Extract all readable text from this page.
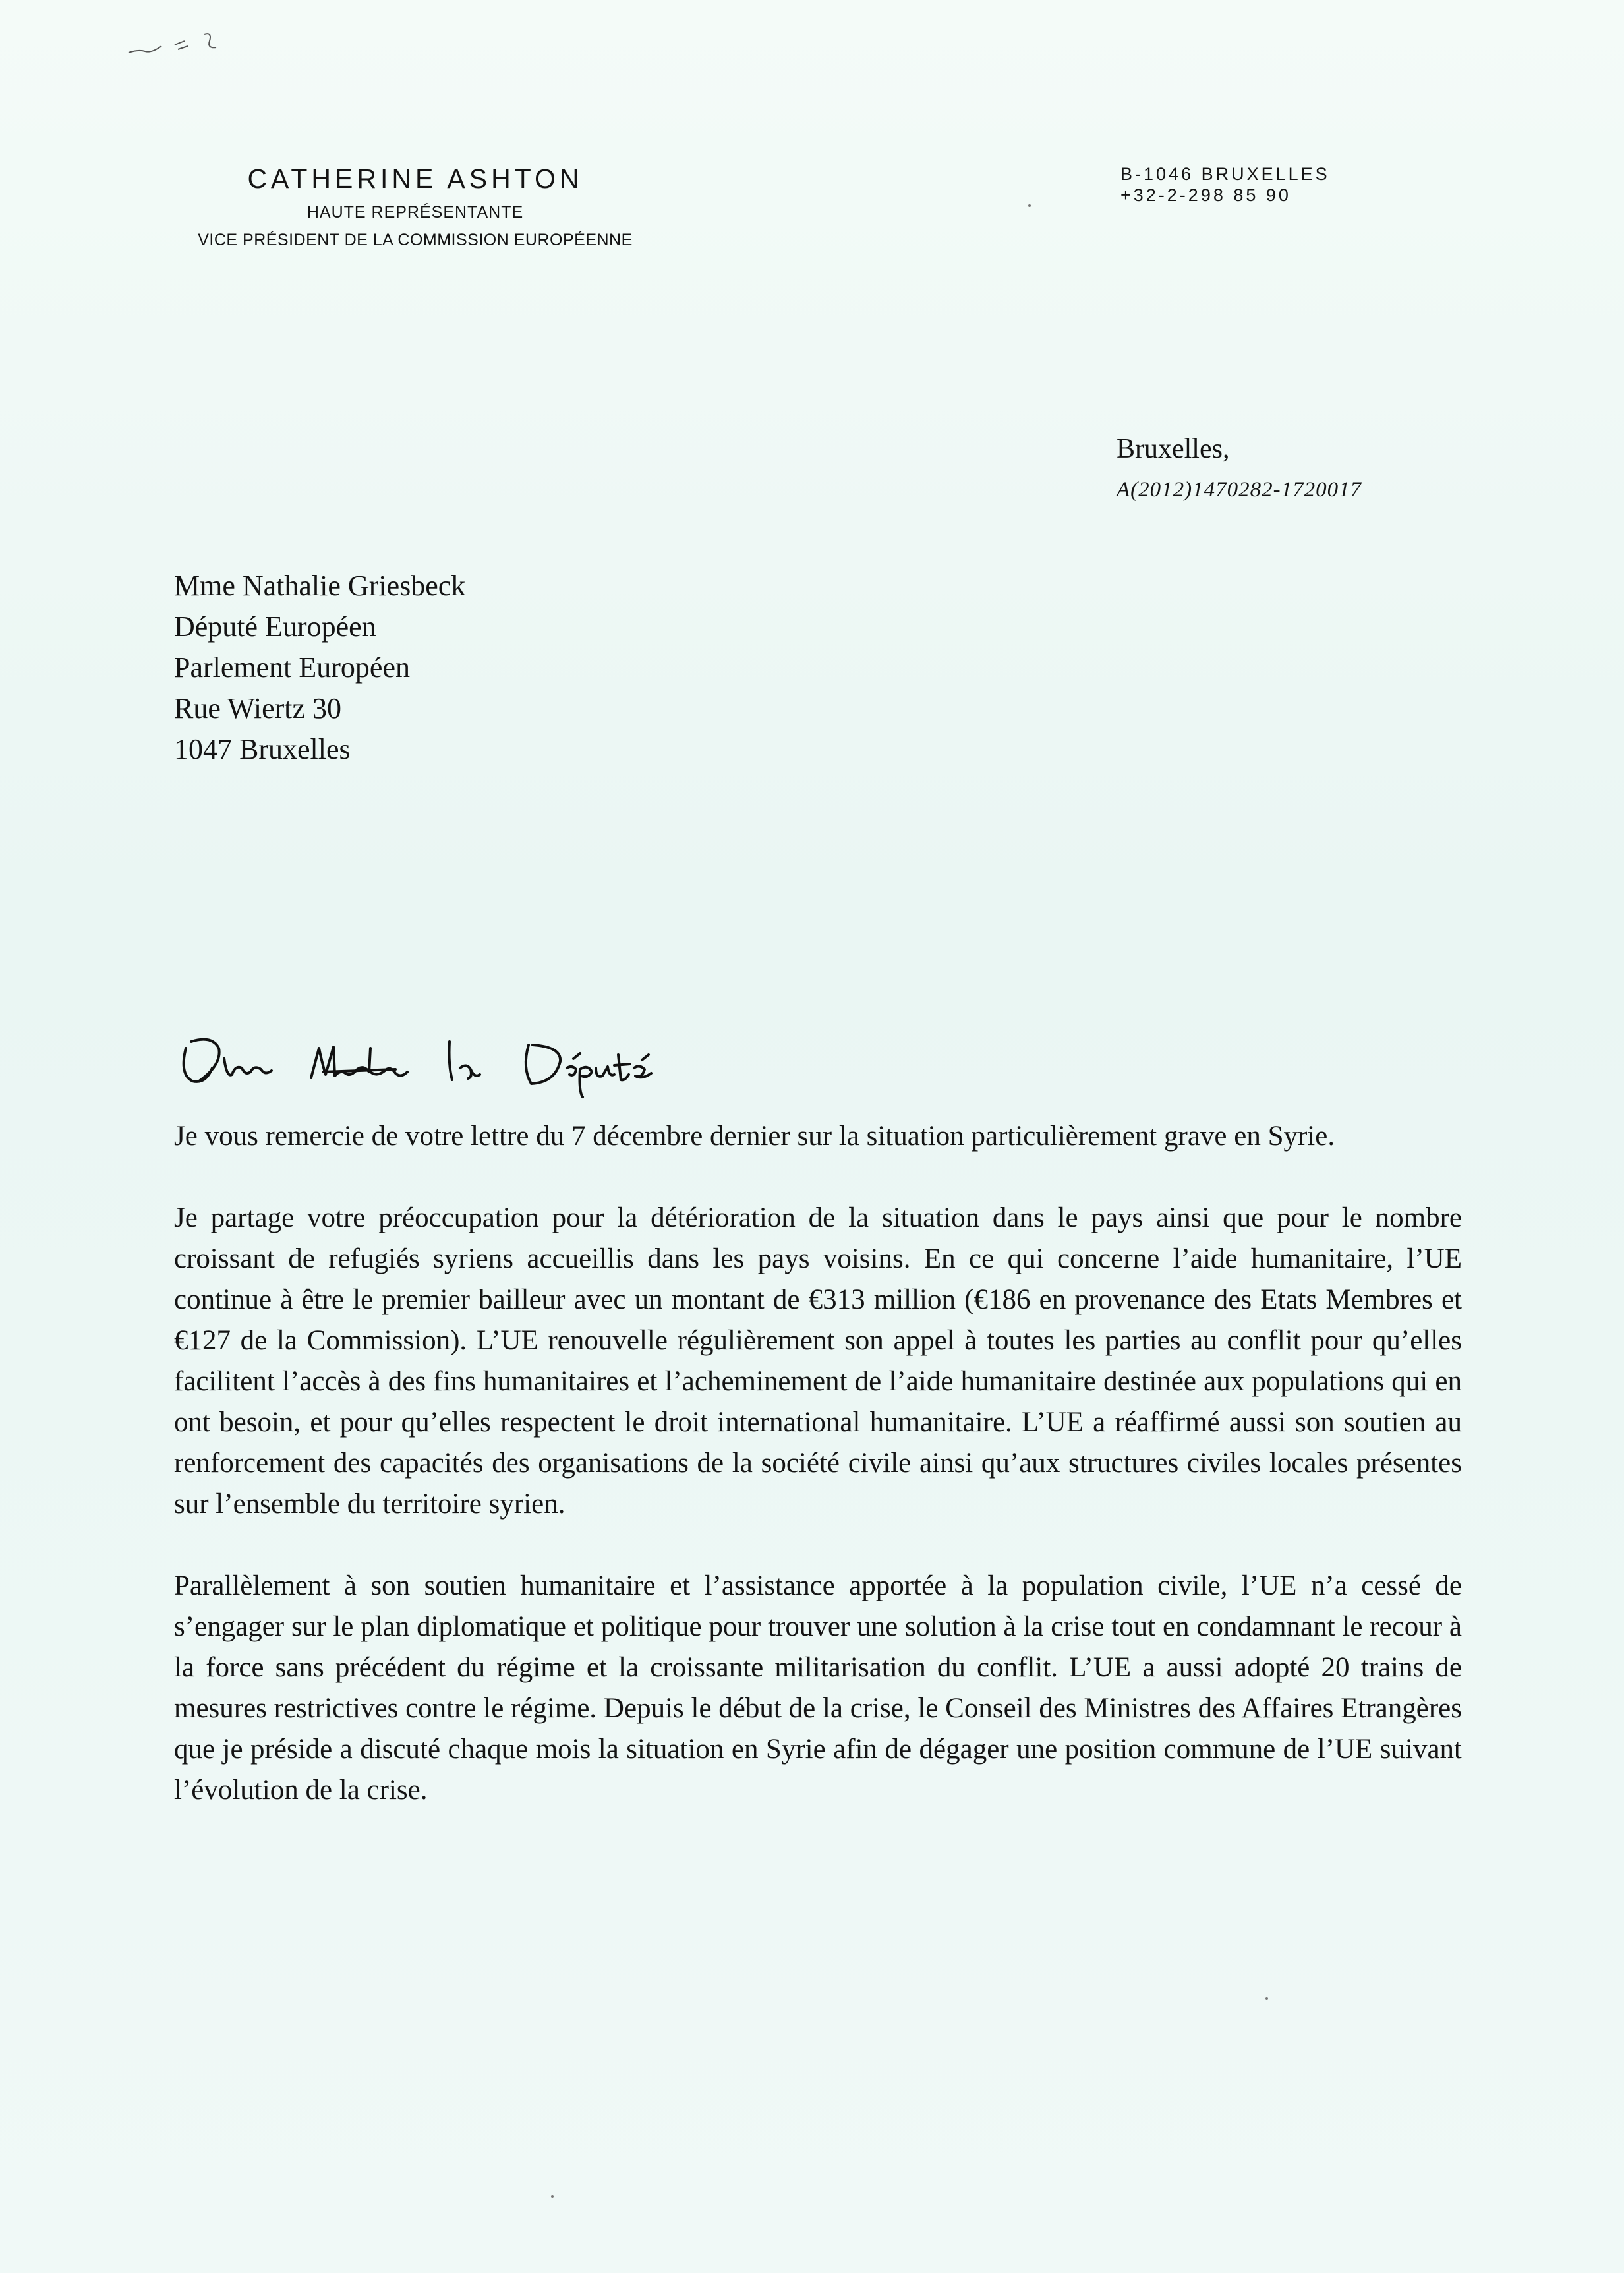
CATHERINE ASHTON
HAUTE REPRÉSENTANTE
VICE PRÉSIDENT DE LA COMMISSION EUROPÉENNE
B-1046 BRUXELLES
+32-2-298 85 90
Bruxelles,
A(2012)1470282-1720017
Mme Nathalie Griesbeck
Député Européen
Parlement Européen
Rue Wiertz 30
1047 Bruxelles

Je vous remercie de votre lettre du 7 décembre dernier sur la situation particulièrement grave en Syrie.

Je partage votre préoccupation pour la détérioration de la situation dans le pays ainsi que pour le nombre croissant de refugiés syriens accueillis dans les pays voisins. En ce qui concerne l’aide humanitaire, l’UE continue à être le premier bailleur avec un montant de €313 million (€186 en provenance des Etats Membres et €127 de la Commission). L’UE renouvelle régulièrement son appel à toutes les parties au conflit pour qu’elles facilitent l’accès à des fins humanitaires et l’acheminement de l’aide humanitaire destinée aux populations qui en ont besoin, et pour qu’elles respectent le droit international humanitaire. L’UE a réaffirmé aussi son soutien au renforcement des capacités des organisations de la société civile ainsi qu’aux structures civiles locales présentes sur l’ensemble du territoire syrien.

Parallèlement à son soutien humanitaire et l’assistance apportée à la population civile, l’UE n’a cessé de s’engager sur le plan diplomatique et politique pour trouver une solution à la crise tout en condamnant le recour à la force sans précédent du régime et la croissante militarisation du conflit. L’UE a aussi adopté 20 trains de mesures restrictives contre le régime. Depuis le début de la crise, le Conseil des Ministres des Affaires Etrangères que je préside a discuté chaque mois la situation en Syrie afin de dégager une position commune de l’UE suivant l’évolution de la crise.
